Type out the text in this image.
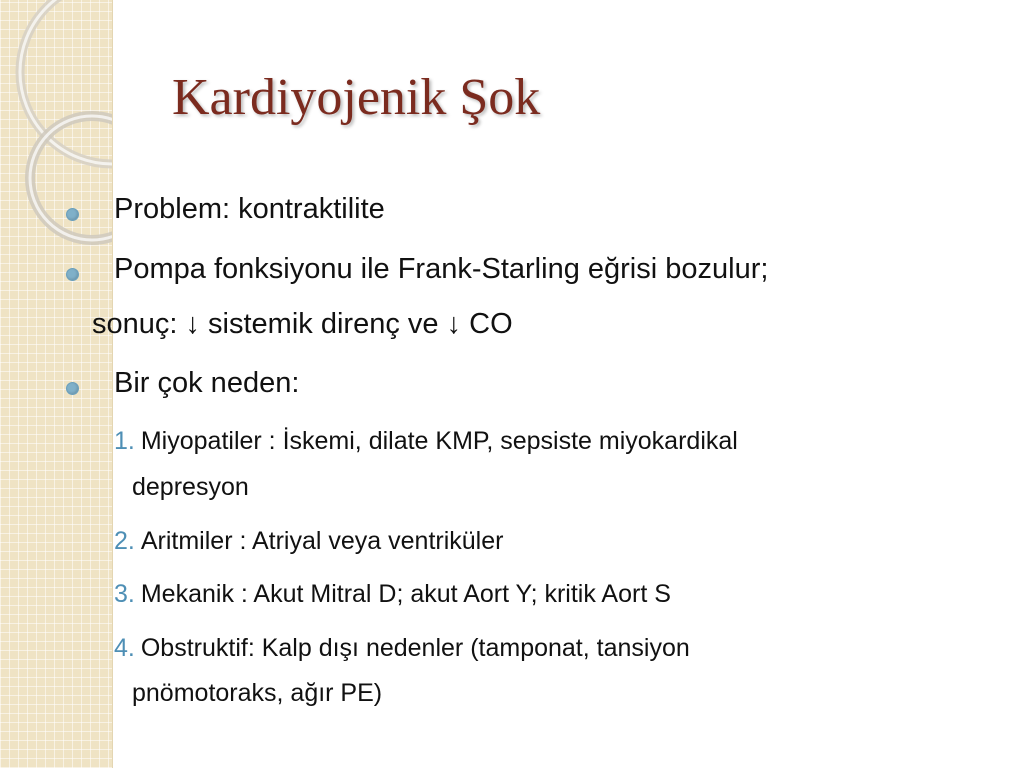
Kardiyojenik Şok

Problem: kontraktilite

Pompa fonksiyonu ile Frank-Starling eğrisi bozulur;

sonuç: ↓ sistemik direnç ve ↓ CO

Bir çok neden:

1. Miyopatiler : İskemi, dilate KMP, sepsiste miyokardikal

depresyon

2. Aritmiler : Atriyal veya ventriküler

3. Mekanik : Akut Mitral D; akut Aort Y; kritik Aort S

4. Obstruktif: Kalp dışı nedenler (tamponat, tansiyon

pnömotoraks, ağır PE)
